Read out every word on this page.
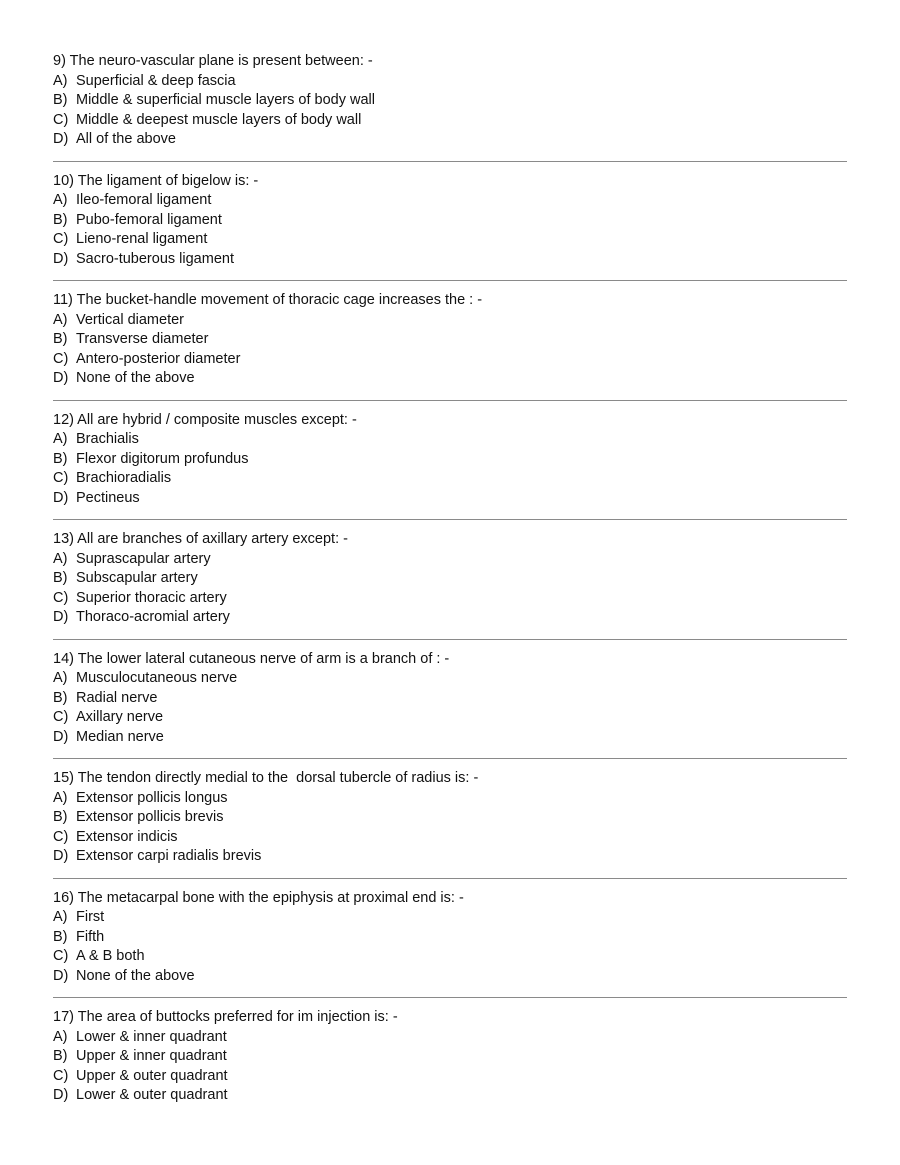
9) The neuro-vascular plane is present between: -
A) Superficial & deep fascia
B) Middle & superficial muscle layers of body wall
C) Middle & deepest muscle layers of body wall
D) All of the above
10) The ligament of bigelow is: -
A) Ileo-femoral ligament
B) Pubo-femoral ligament
C) Lieno-renal ligament
D) Sacro-tuberous ligament
11) The bucket-handle movement of thoracic cage increases the : -
A) Vertical diameter
B) Transverse diameter
C) Antero-posterior diameter
D) None of the above
12) All are hybrid / composite muscles except: -
A) Brachialis
B) Flexor digitorum profundus
C) Brachioradialis
D) Pectineus
13) All are branches of axillary artery except: -
A) Suprascapular artery
B) Subscapular artery
C) Superior thoracic artery
D) Thoraco-acromial artery
14) The lower lateral cutaneous nerve of arm is a branch of : -
A) Musculocutaneous nerve
B) Radial nerve
C) Axillary nerve
D) Median nerve
15) The tendon directly medial to the  dorsal tubercle of radius is: -
A) Extensor pollicis longus
B) Extensor pollicis brevis
C) Extensor indicis
D) Extensor carpi radialis brevis
16) The metacarpal bone with the epiphysis at proximal end is: -
A) First
B) Fifth
C) A & B both
D) None of the above
17) The area of buttocks preferred for im injection is: -
A) Lower & inner quadrant
B) Upper & inner quadrant
C) Upper & outer quadrant
D) Lower & outer quadrant
